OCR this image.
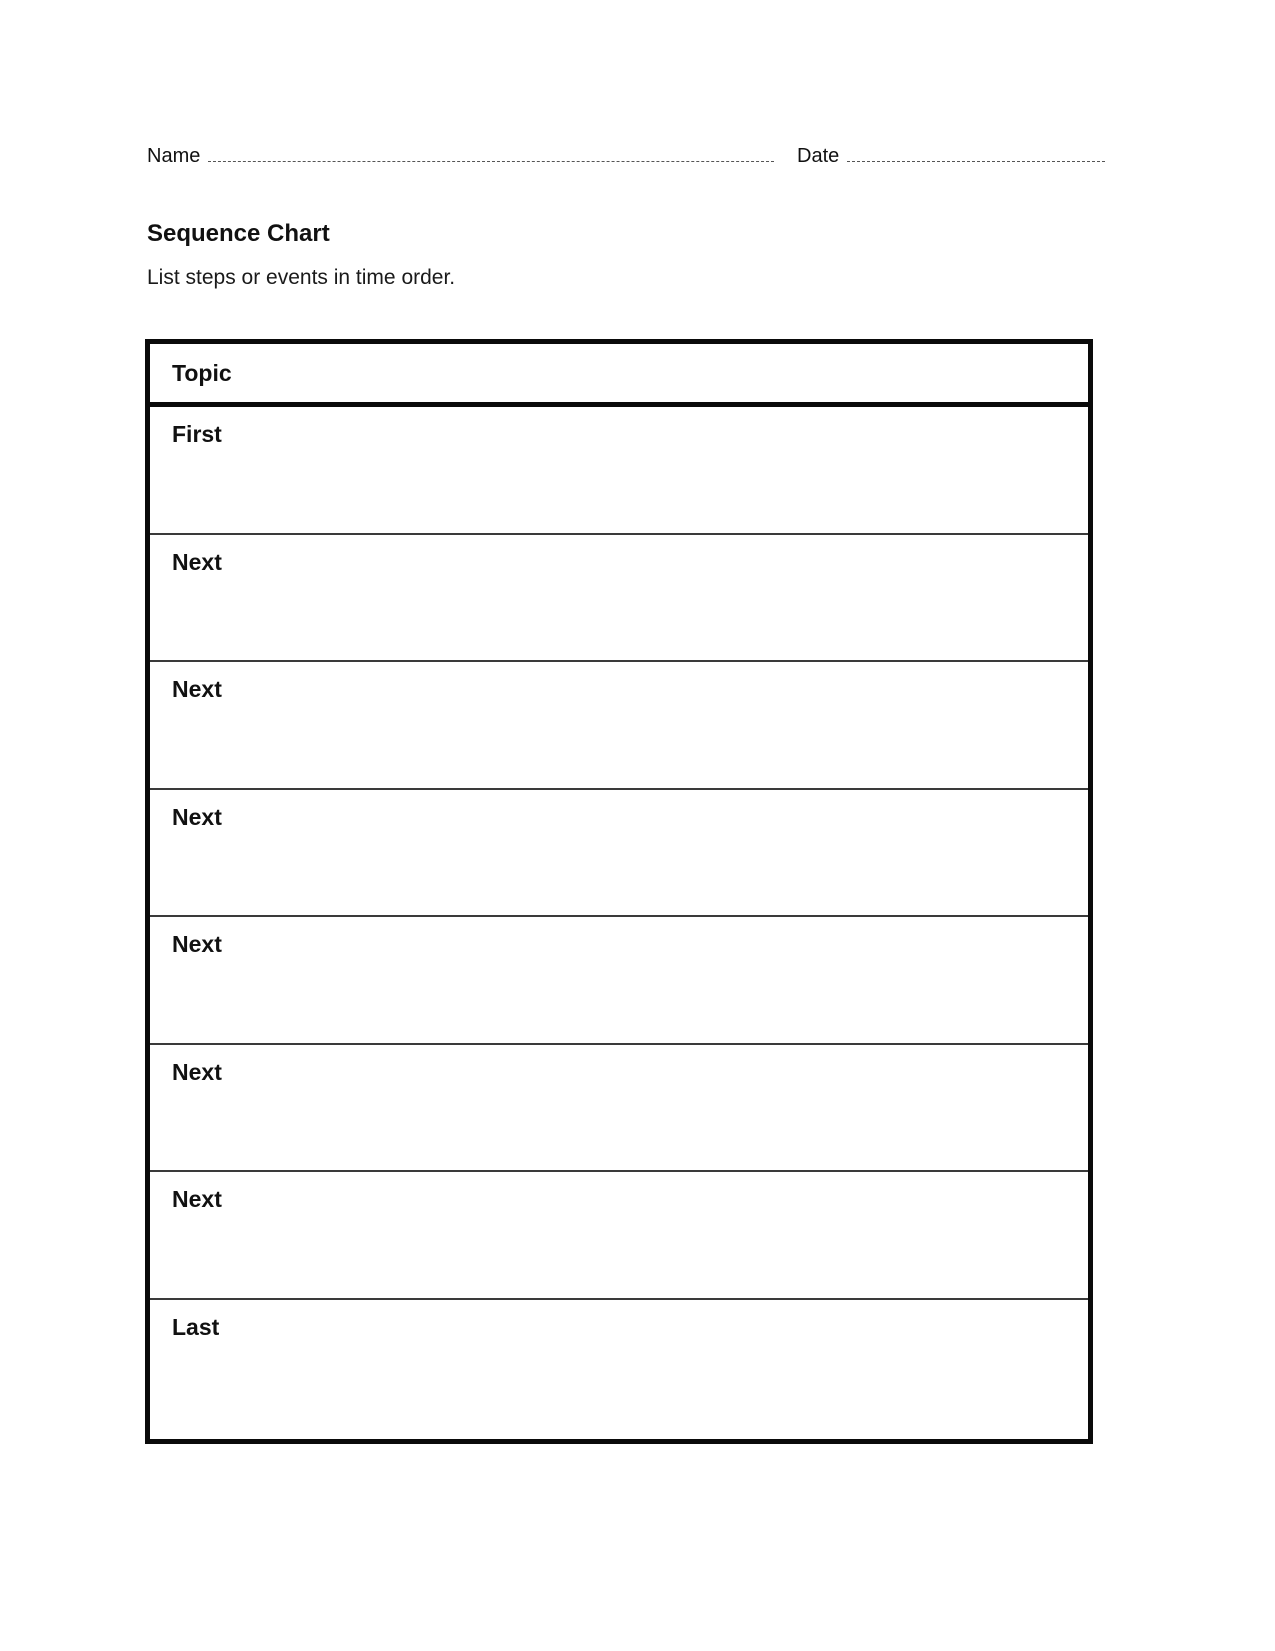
Name	Date
Sequence Chart

List steps or events in time order.

Topic

First

Next

Next

Next

Next

Next

Next

Last
